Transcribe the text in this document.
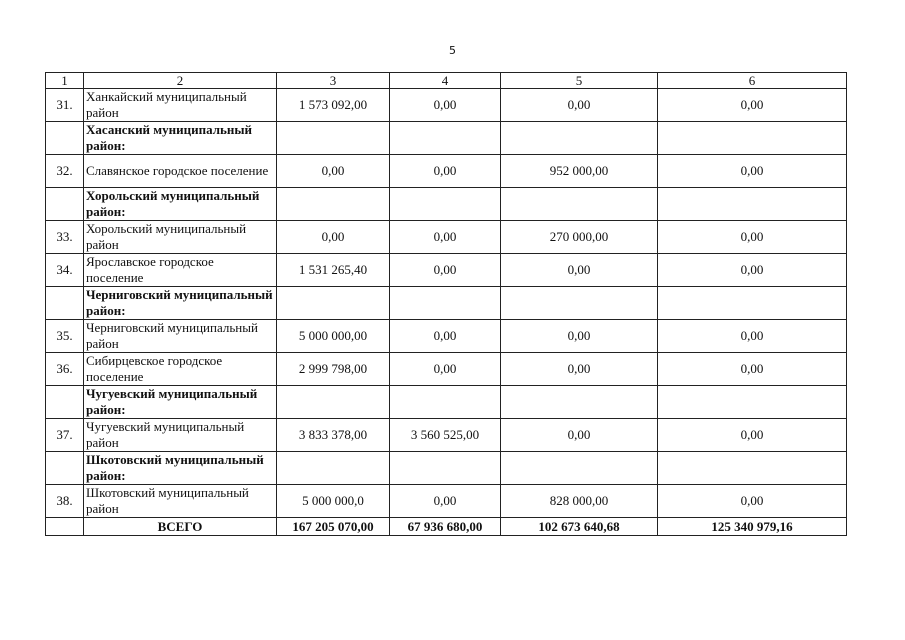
5
1	2	3	4	5	6
31.	Ханкайский муниципальный район	1 573 092,00	0,00	0,00	0,00
	Хасанский муниципальный район:				
32.	Славянское городское поселение	0,00	0,00	952 000,00	0,00
	Хорольский муниципальный район:				
33.	Хорольский муниципальный район	0,00	0,00	270 000,00	0,00
34.	Ярославское городское поселение	1 531 265,40	0,00	0,00	0,00
	Черниговский муниципальный район:				
35.	Черниговский муниципальный район	5 000 000,00	0,00	0,00	0,00
36.	Сибирцевское городское поселение	2 999 798,00	0,00	0,00	0,00
	Чугуевский муниципальный район:				
37.	Чугуевский муниципальный район	3 833 378,00	3 560 525,00	0,00	0,00
	Шкотовский муниципальный район:				
38.	Шкотовский муниципальный район	5 000 000,0	0,00	828 000,00	0,00
	ВСЕГО	167 205 070,00	67 936 680,00	102 673 640,68	125 340 979,16
